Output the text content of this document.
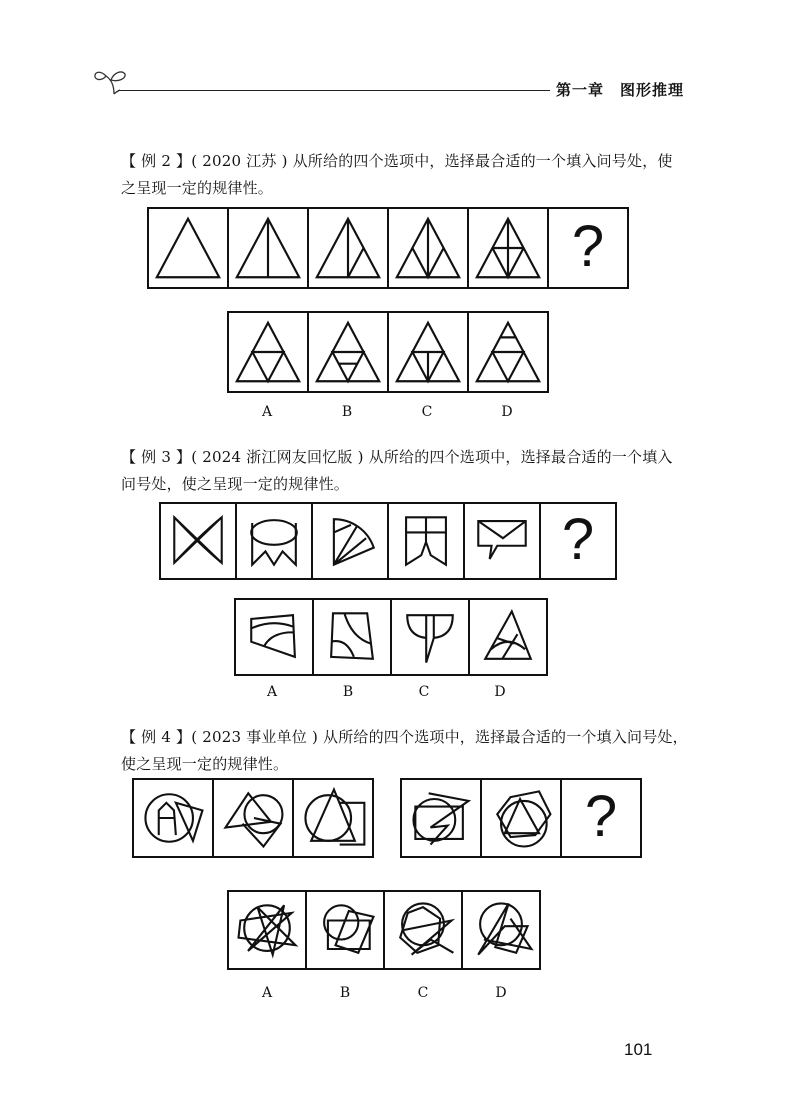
第一章　图形推理
【 例 2 】( 2020 江苏 ) 从所给的四个选项中，选择最合适的一个填入问号处，使
之呈现一定的规律性。
?
A	B	C	D
【 例 3 】( 2024 浙江网友回忆版 ) 从所给的四个选项中，选择最合适的一个填入
问号处，使之呈现一定的规律性。
?
A	B	C	D
【 例 4 】( 2023 事业单位 ) 从所给的四个选项中，选择最合适的一个填入问号处，
使之呈现一定的规律性。
?
A	B	C	D
101
